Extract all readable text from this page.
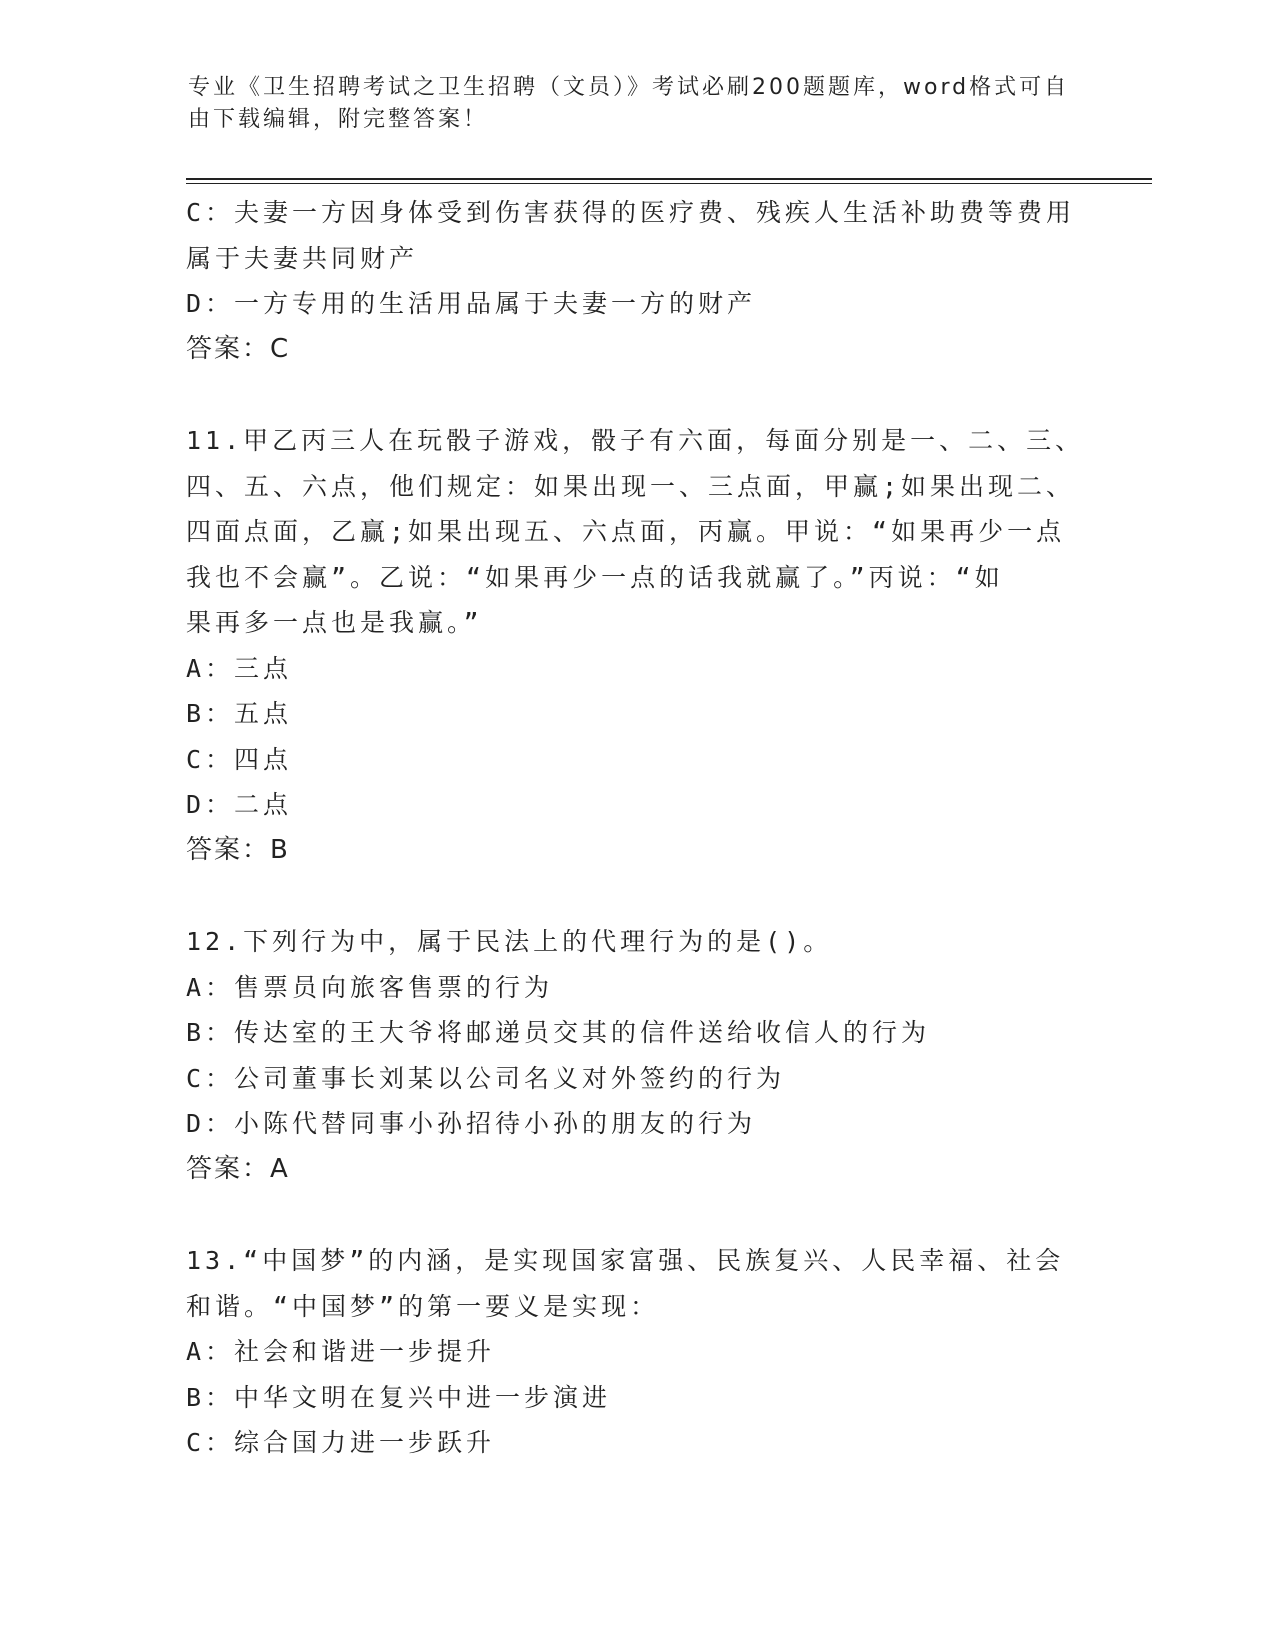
专业《卫生招聘考试之卫生招聘（文员）》考试必刷200题题库，word格式可自
由下载编辑，附完整答案！
C：夫妻一方因身体受到伤害获得的医疗费、残疾人生活补助费等费用
属于夫妻共同财产
D：一方专用的生活用品属于夫妻一方的财产
答案：C
11.甲乙丙三人在玩骰子游戏，骰子有六面，每面分别是一、二、三、
四、五、六点，他们规定：如果出现一、三点面，甲赢;如果出现二、
四面点面，乙赢;如果出现五、六点面，丙赢。甲说：“如果再少一点
我也不会赢”。乙说：“如果再少一点的话我就赢了。”丙说：“如
果再多一点也是我赢。”
A：三点
B：五点
C：四点
D：二点
答案：B
12.下列行为中，属于民法上的代理行为的是()。
A：售票员向旅客售票的行为
B：传达室的王大爷将邮递员交其的信件送给收信人的行为
C：公司董事长刘某以公司名义对外签约的行为
D：小陈代替同事小孙招待小孙的朋友的行为
答案：A
13.“中国梦”的内涵，是实现国家富强、民族复兴、人民幸福、社会
和谐。“中国梦”的第一要义是实现：
A：社会和谐进一步提升
B：中华文明在复兴中进一步演进
C：综合国力进一步跃升
